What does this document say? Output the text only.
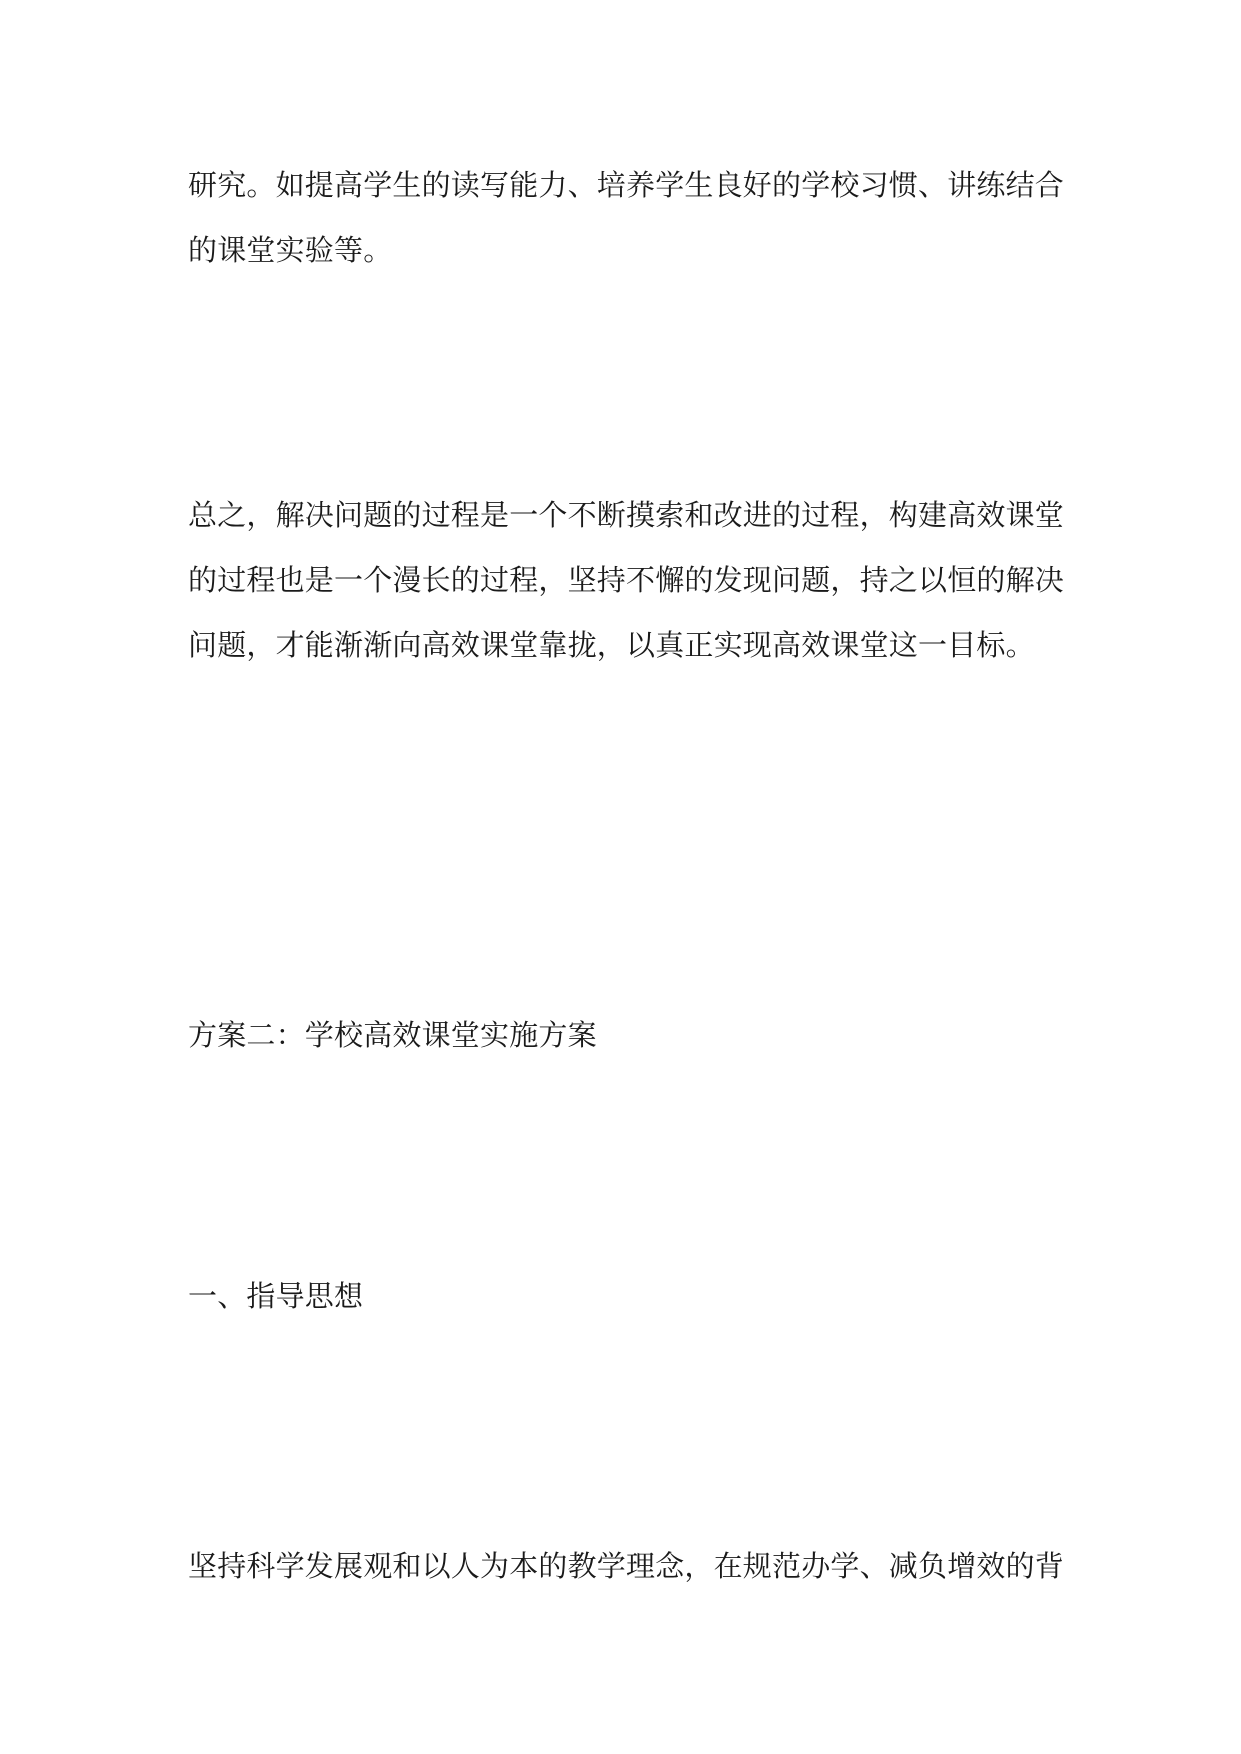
研究。如提高学生的读写能力、培养学生良好的学校习惯、讲练结合
的课堂实验等。

总之，解决问题的过程是一个不断摸索和改进的过程，构建高效课堂
的过程也是一个漫长的过程，坚持不懈的发现问题，持之以恒的解决
问题，才能渐渐向高效课堂靠拢，以真正实现高效课堂这一目标。

方案二：学校高效课堂实施方案

一、指导思想

坚持科学发展观和以人为本的教学理念，在规范办学、减负增效的背
